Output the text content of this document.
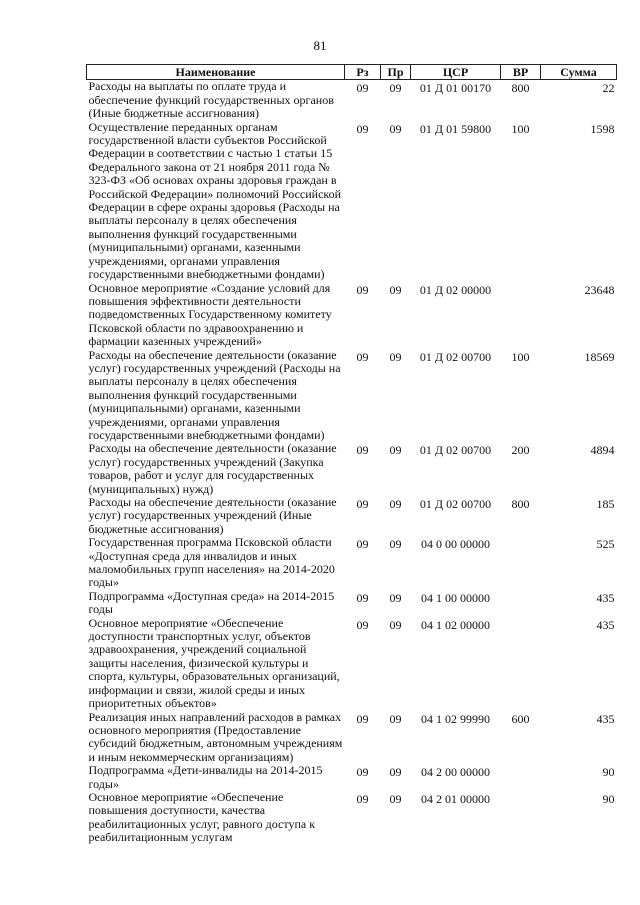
81
Наименование	Рз	Пр	ЦСР	ВР	Сумма
Расходы на выплаты по оплате труда и обеспечение функций государственных органов (Иные бюджетные ассигнования)	09	09	01 Д 01 00170	800	22

Осуществление переданных органам государственной власти субъектов Российской Федерации в соответствии с частью 1 статьи 15 Федерального закона от 21 ноября 2011 года № 323-ФЗ «Об основах охраны здоровья граждан в Российской Федерации» полномочий Российской Федерации в сфере охраны здоровья (Расходы на выплаты персоналу в целях обеспечения выполнения функций государственными (муниципальными) органами, казенными учреждениями, органами управления государственными внебюджетными фондами)	09	09	01 Д 01 59800	100	1598

Основное мероприятие «Создание условий для повышения эффективности деятельности подведомственных Государственному комитету Псковской области по здравоохранению и фармации казенных учреждений»	09	09	01 Д 02 00000		23648

Расходы на обеспечение деятельности (оказание услуг) государственных учреждений (Расходы на выплаты персоналу в целях обеспечения выполнения функций государственными (муниципальными) органами, казенными учреждениями, органами управления государственными внебюджетными фондами)	09	09	01 Д 02 00700	100	18569

Расходы на обеспечение деятельности (оказание услуг) государственных учреждений (Закупка товаров, работ и услуг для государственных (муниципальных) нужд)	09	09	01 Д 02 00700	200	4894

Расходы на обеспечение деятельности (оказание услуг) государственных учреждений (Иные бюджетные ассигнования)	09	09	01 Д 02 00700	800	185

Государственная программа Псковской области «Доступная среда для инвалидов и иных маломобильных групп населения» на 2014-2020 годы»	09	09	04 0 00 00000		525

Подпрограмма «Доступная среда» на 2014-2015 годы	09	09	04 1 00 00000		435

Основное мероприятие «Обеспечение доступности транспортных услуг, объектов здравоохранения, учреждений социальной защиты населения, физической культуры и спорта, культуры, образовательных организаций, информации и связи, жилой среды и иных приоритетных объектов»	09	09	04 1 02 00000		435

Реализация иных направлений расходов в рамках основного мероприятия (Предоставление субсидий бюджетным, автономным учреждениям и иным некоммерческим организациям)	09	09	04 1 02 99990	600	435

Подпрограмма «Дети-инвалиды на 2014-2015 годы»	09	09	04 2 00 00000		90

Основное мероприятие «Обеспечение повышения доступности, качества реабилитационных услуг, равного доступа к реабилитационным услугам	09	09	04 2 01 00000		90
